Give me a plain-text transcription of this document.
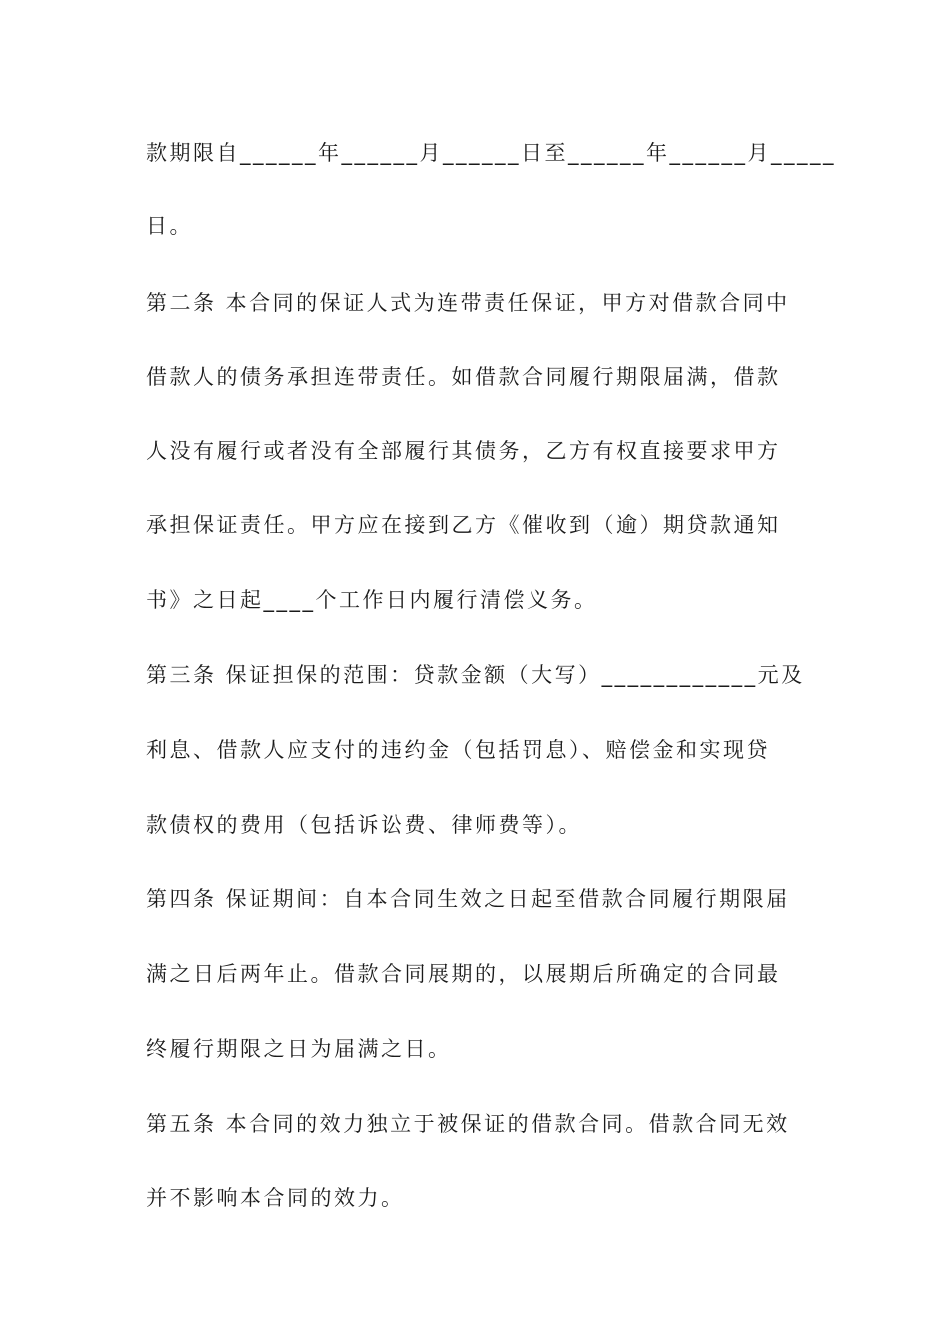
款期限自______年______月______日至______年______月_____

日。

第二条 本合同的保证人式为连带责任保证，甲方对借款合同中

借款人的债务承担连带责任。如借款合同履行期限届满，借款

人没有履行或者没有全部履行其债务，乙方有权直接要求甲方

承担保证责任。甲方应在接到乙方《催收到（逾）期贷款通知

书》之日起____个工作日内履行清偿义务。

第三条 保证担保的范围：贷款金额（大写）____________元及

利息、借款人应支付的违约金（包括罚息）、赔偿金和实现贷

款债权的费用（包括诉讼费、律师费等）。

第四条 保证期间：自本合同生效之日起至借款合同履行期限届

满之日后两年止。借款合同展期的，以展期后所确定的合同最

终履行期限之日为届满之日。

第五条 本合同的效力独立于被保证的借款合同。借款合同无效

并不影响本合同的效力。
